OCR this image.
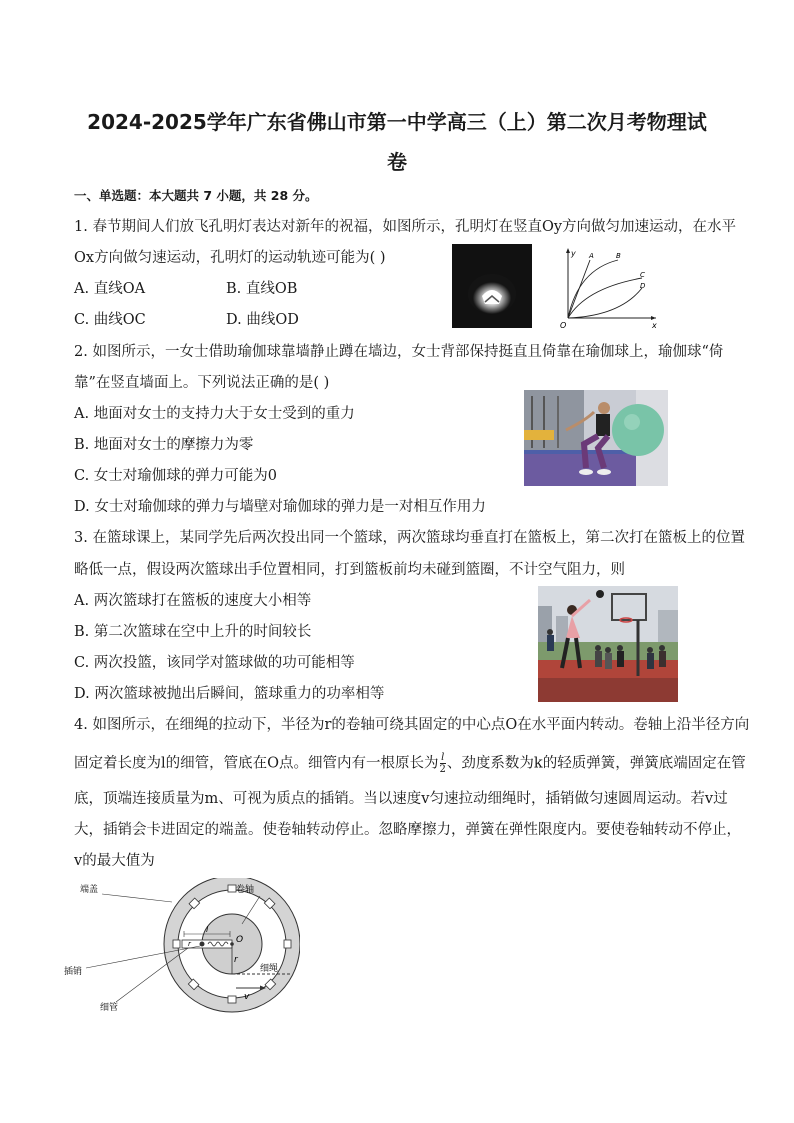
2024-2025学年广东省佛山市第一中学高三（上）第二次月考物理试
卷
一、单选题：本大题共 7 小题，共 28 分。
1. 春节期间人们放飞孔明灯表达对新年的祝福，如图所示，孔明灯在竖直Oy方向做匀加速运动，在水平
Ox方向做匀速运动，孔明灯的运动轨迹可能为( )
A. 直线OA	B. 直线OB
C. 曲线OC	D. 曲线OD
y
x
O
A	B
C
D
2. 如图所示，一女士借助瑜伽球靠墙静止蹲在墙边，女士背部保持挺直且倚靠在瑜伽球上，瑜伽球“倚
靠”在竖直墙面上。下列说法正确的是( )
A. 地面对女士的支持力大于女士受到的重力
B. 地面对女士的摩擦力为零
C. 女士对瑜伽球的弹力可能为0
D. 女士对瑜伽球的弹力与墙壁对瑜伽球的弹力是一对相互作用力
3. 在篮球课上，某同学先后两次投出同一个篮球，两次篮球均垂直打在篮板上，第二次打在篮板上的位置
略低一点，假设两次篮球出手位置相同，打到篮板前均未碰到篮圈，不计空气阻力，则
A. 两次篮球打在篮板的速度大小相等
B. 第二次篮球在空中上升的时间较长
C. 两次投篮，该同学对篮球做的功可能相等
D. 两次篮球被抛出后瞬间，篮球重力的功率相等
4. 如图所示，在细绳的拉动下，半径为r的卷轴可绕其固定的中心点O在水平面内转动。卷轴上沿半径方向
固定着长度为l的细管，管底在O点。细管内有一根原长为 $\frac{l}{2}$ 、劲度系数为k的轻质弹簧，弹簧底端固定在管
底，顶端连接质量为m、可视为质点的插销。当以速度v匀速拉动细绳时，插销做匀速圆周运动。若v过
大，插销会卡进固定的端盖。使卷轴转动停止。忽略摩擦力，弹簧在弹性限度内。要使卷轴转动不停止，
v的最大值为
端盖	卷轴
插销
细管
细绳
l
r	O
r
v
